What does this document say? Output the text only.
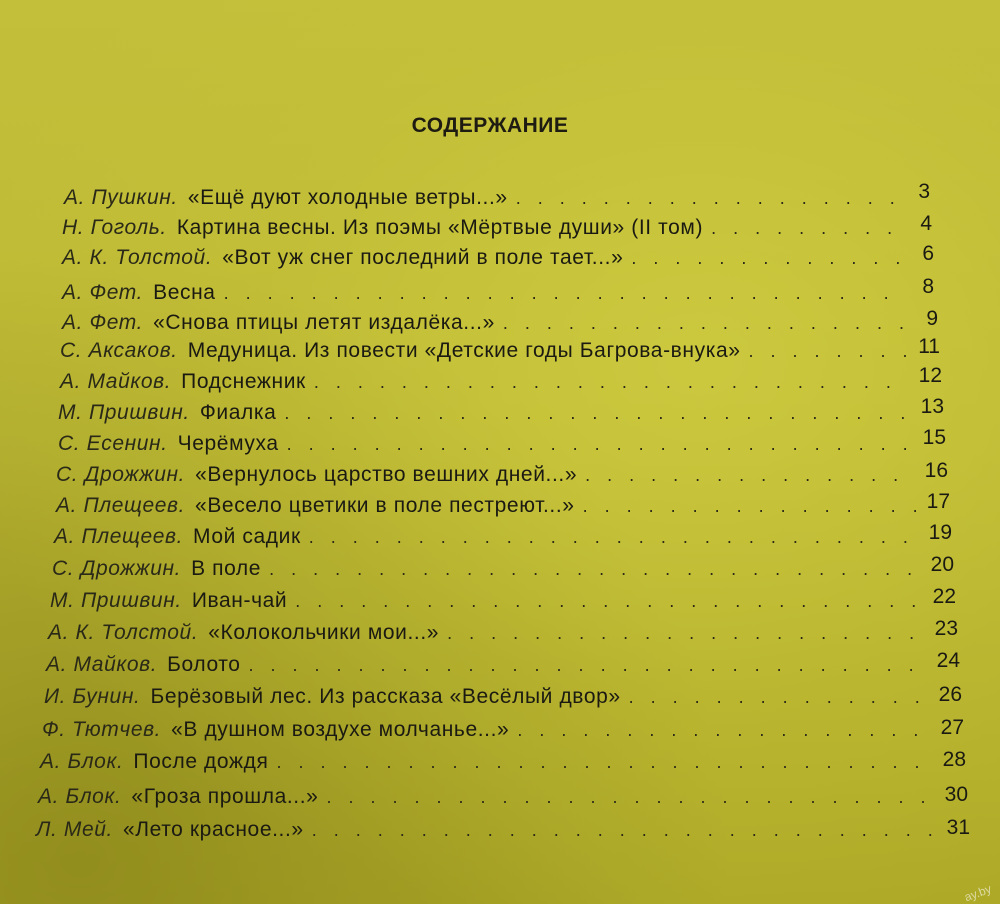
СОДЕРЖАНИЕ
А. Пушкин. «Ещё дуют холодные ветры...» . . .	3
Н. Гоголь. Картина весны. Из поэмы «Мёртвые души» (II том) . . .	4
А. К. Толстой. «Вот уж снег последний в поле тает...» . . .	6
А. Фет. Весна . . .	8
А. Фет. «Снова птицы летят издалёка...» . . .	9
С. Аксаков. Медуница. Из повести «Детские годы Багрова-внука» . . .	11
А. Майков. Подснежник . . .	12
М. Пришвин. Фиалка . . .	13
С. Есенин. Черёмуха . . .	15
С. Дрожжин. «Вернулось царство вешних дней...» . . .	16
А. Плещеев. «Весело цветики в поле пестреют...» . . .	17
А. Плещеев. Мой садик . . .	19
С. Дрожжин. В поле . . .	20
М. Пришвин. Иван-чай . . .	22
А. К. Толстой. «Колокольчики мои...» . . .	23
А. Майков. Болото . . .	24
И. Бунин. Берёзовый лес. Из рассказа «Весёлый двор» . . .	26
Ф. Тютчев. «В душном воздухе молчанье...» . . .	27
А. Блок. После дождя . . .	28
А. Блок. «Гроза прошла...» . . .	30
Л. Мей. «Лето красное...» . . .	31
ay.by
